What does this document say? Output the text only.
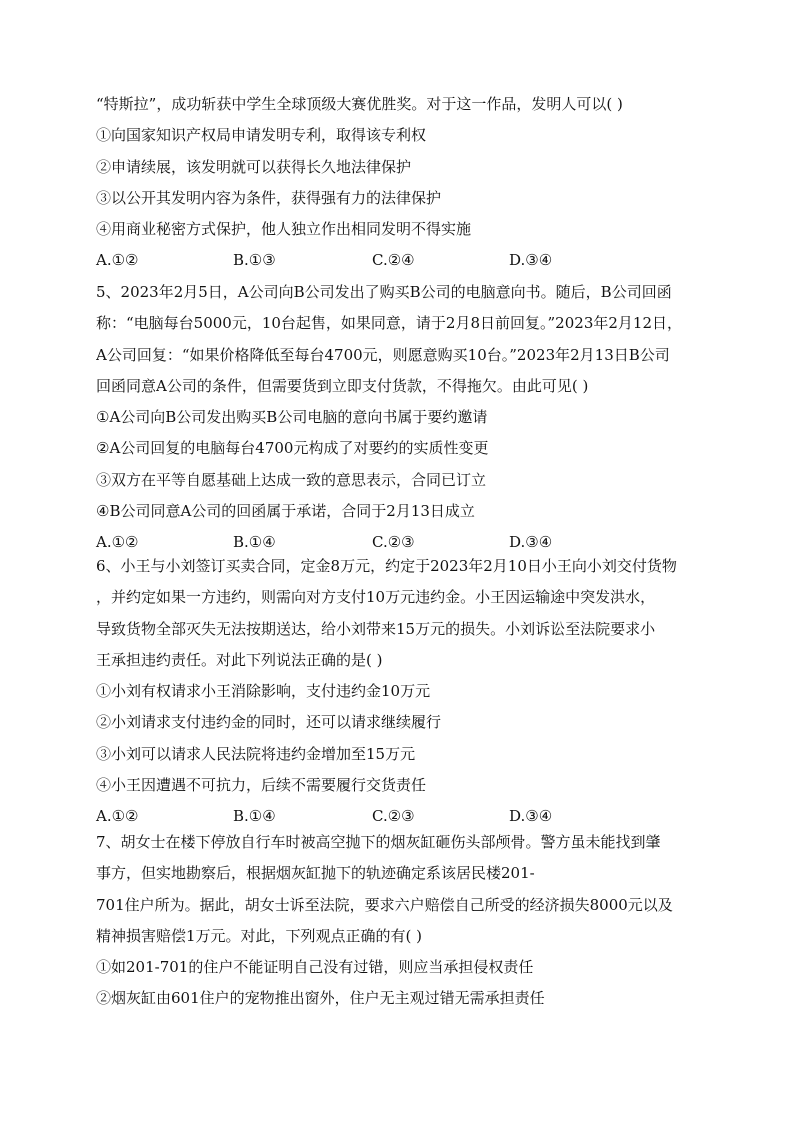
“特斯拉”，成功斩获中学生全球顶级大赛优胜奖。对于这一作品，发明人可以( )
①向国家知识产权局申请发明专利，取得该专利权
②申请续展，该发明就可以获得长久地法律保护
③以公开其发明内容为条件，获得强有力的法律保护
④用商业秘密方式保护，他人独立作出相同发明不得实施
A.①②	B.①③	C.②④	D.③④
5、2023年2月5日，A公司向B公司发出了购买B公司的电脑意向书。随后，B公司回函
称：“电脑每台5000元，10台起售，如果同意，请于2月8日前回复。”2023年2月12日，
A公司回复：“如果价格降低至每台4700元，则愿意购买10台。”2023年2月13日B公司
回函同意A公司的条件，但需要货到立即支付货款，不得拖欠。由此可见( )
①A公司向B公司发出购买B公司电脑的意向书属于要约邀请
②A公司回复的电脑每台4700元构成了对要约的实质性变更
③双方在平等自愿基础上达成一致的意思表示，合同已订立
④B公司同意A公司的回函属于承诺，合同于2月13日成立
A.①②	B.①④	C.②③	D.③④
6、小王与小刘签订买卖合同，定金8万元，约定于2023年2月10日小王向小刘交付货物
，并约定如果一方违约，则需向对方支付10万元违约金。小王因运输途中突发洪水，
导致货物全部灭失无法按期送达，给小刘带来15万元的损失。小刘诉讼至法院要求小
王承担违约责任。对此下列说法正确的是( )
①小刘有权请求小王消除影响，支付违约金10万元
②小刘请求支付违约金的同时，还可以请求继续履行
③小刘可以请求人民法院将违约金增加至15万元
④小王因遭遇不可抗力，后续不需要履行交货责任
A.①②	B.①④	C.②③	D.③④
7、胡女士在楼下停放自行车时被高空抛下的烟灰缸砸伤头部颅骨。警方虽未能找到肇
事方，但实地勘察后，根据烟灰缸抛下的轨迹确定系该居民楼201-
701住户所为。据此，胡女士诉至法院，要求六户赔偿自己所受的经济损失8000元以及
精神损害赔偿1万元。对此，下列观点正确的有( )
①如201-701的住户不能证明自己没有过错，则应当承担侵权责任
②烟灰缸由601住户的宠物推出窗外，住户无主观过错无需承担责任
